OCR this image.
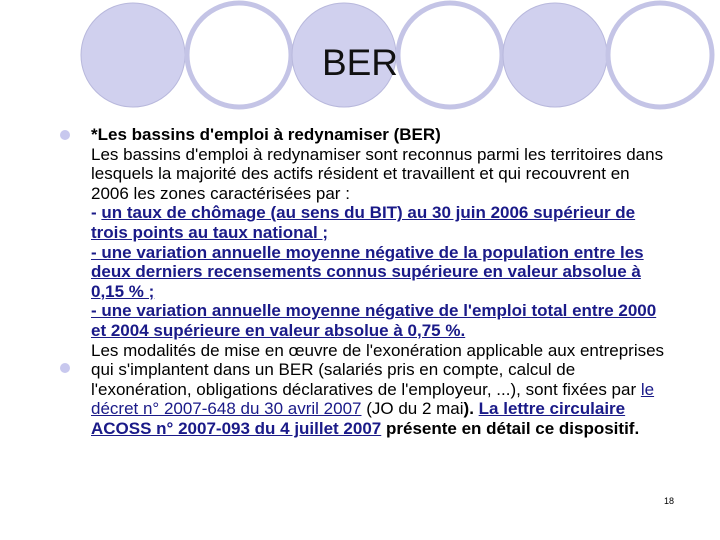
BER

*Les bassins d'emploi à redynamiser (BER)

Les bassins d'emploi à redynamiser sont reconnus parmi les territoires dans lesquels la majorité des actifs résident et travaillent et qui recouvrent en 2006 les zones caractérisées par :

- un taux de chômage (au sens du BIT) au 30 juin 2006 supérieur de trois points au taux national ;

- une variation annuelle moyenne négative de la population entre les deux derniers recensements connus supérieure en valeur absolue à 0,15 % ;

- une variation annuelle moyenne négative de l'emploi total entre 2000 et 2004 supérieure en valeur absolue à 0,75 %.

Les modalités de mise en œuvre de l'exonération applicable aux entreprises qui s'implantent dans un BER (salariés pris en compte, calcul de l'exonération, obligations déclaratives de l'employeur, ...), sont fixées par le décret n° 2007-648 du 30 avril 2007 (JO du 2 mai). La lettre circulaire ACOSS n° 2007-093 du 4 juillet 2007 présente en détail ce dispositif.

18
